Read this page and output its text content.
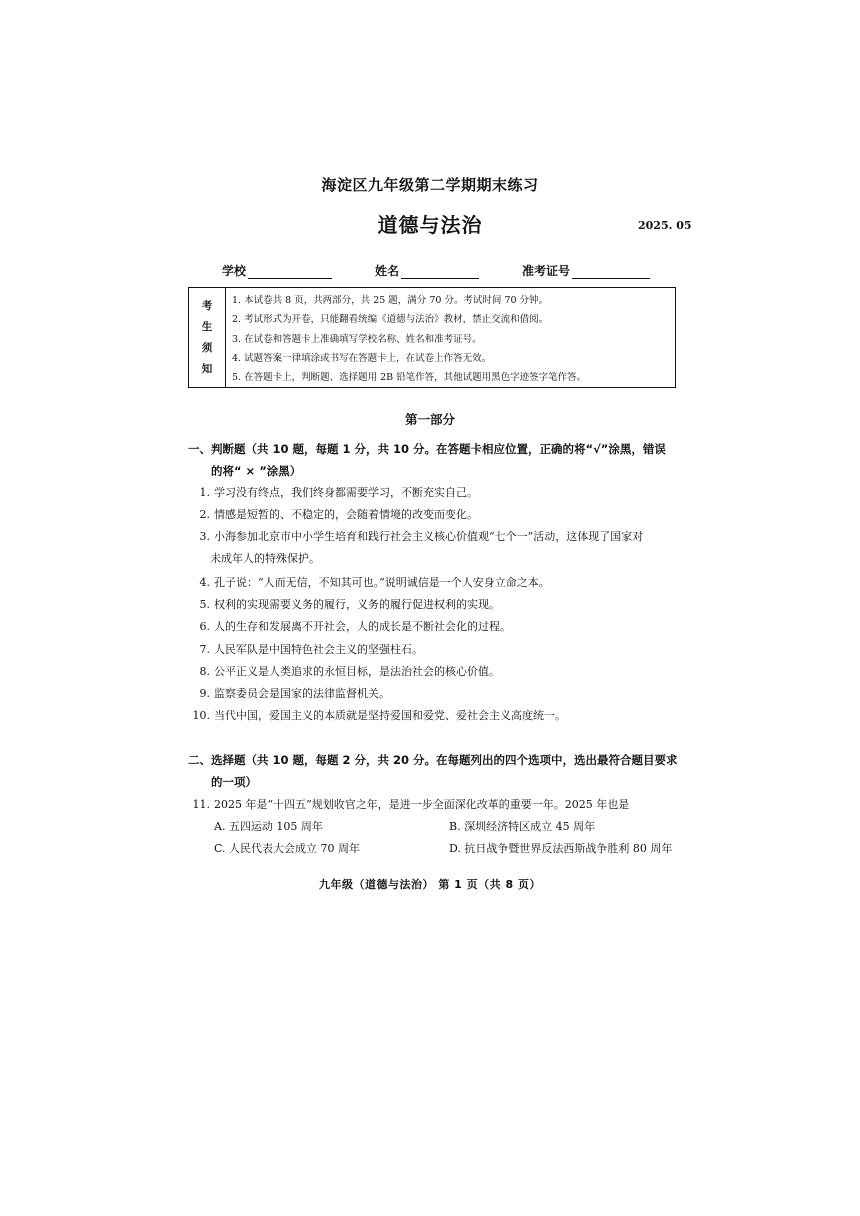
海淀区九年级第二学期期末练习
道德与法治	2025. 05
学校	姓名	准考证号
考
生
须
知
1. 本试卷共 8 页，共两部分，共 25 题，满分 70 分。考试时间 70 分钟。
2. 考试形式为开卷，只能翻看统编《道德与法治》教材，禁止交流和借阅。
3. 在试卷和答题卡上准确填写学校名称、姓名和准考证号。
4. 试题答案一律填涂或书写在答题卡上，在试卷上作答无效。
5. 在答题卡上，判断题、选择题用 2B 铅笔作答，其他试题用黑色字迹签字笔作答。
第一部分
一、判断题（共 10 题，每题 1 分，共 10 分。在答题卡相应位置，正确的将“√”涂黑，错误
的将“ × ”涂黑）
1. 学习没有终点，我们终身都需要学习，不断充实自己。
2. 情感是短暂的、不稳定的，会随着情境的改变而变化。
3. 小海参加北京市中小学生培育和践行社会主义核心价值观“七个一”活动，这体现了国家对
未成年人的特殊保护。
4. 孔子说：“人而无信，不知其可也。”说明诚信是一个人安身立命之本。
5. 权利的实现需要义务的履行，义务的履行促进权利的实现。
6. 人的生存和发展离不开社会，人的成长是不断社会化的过程。
7. 人民军队是中国特色社会主义的坚强柱石。
8. 公平正义是人类追求的永恒目标，是法治社会的核心价值。
9. 监察委员会是国家的法律监督机关。
10. 当代中国，爱国主义的本质就是坚持爱国和爱党、爱社会主义高度统一。
二、选择题（共 10 题，每题 2 分，共 20 分。在每题列出的四个选项中，选出最符合题目要求
的一项）
11. 2025 年是“十四五”规划收官之年，是进一步全面深化改革的重要一年。2025 年也是
A. 五四运动 105 周年	B. 深圳经济特区成立 45 周年
C. 人民代表大会成立 70 周年	D. 抗日战争暨世界反法西斯战争胜利 80 周年
九年级（道德与法治） 第 1 页（共 8 页）
